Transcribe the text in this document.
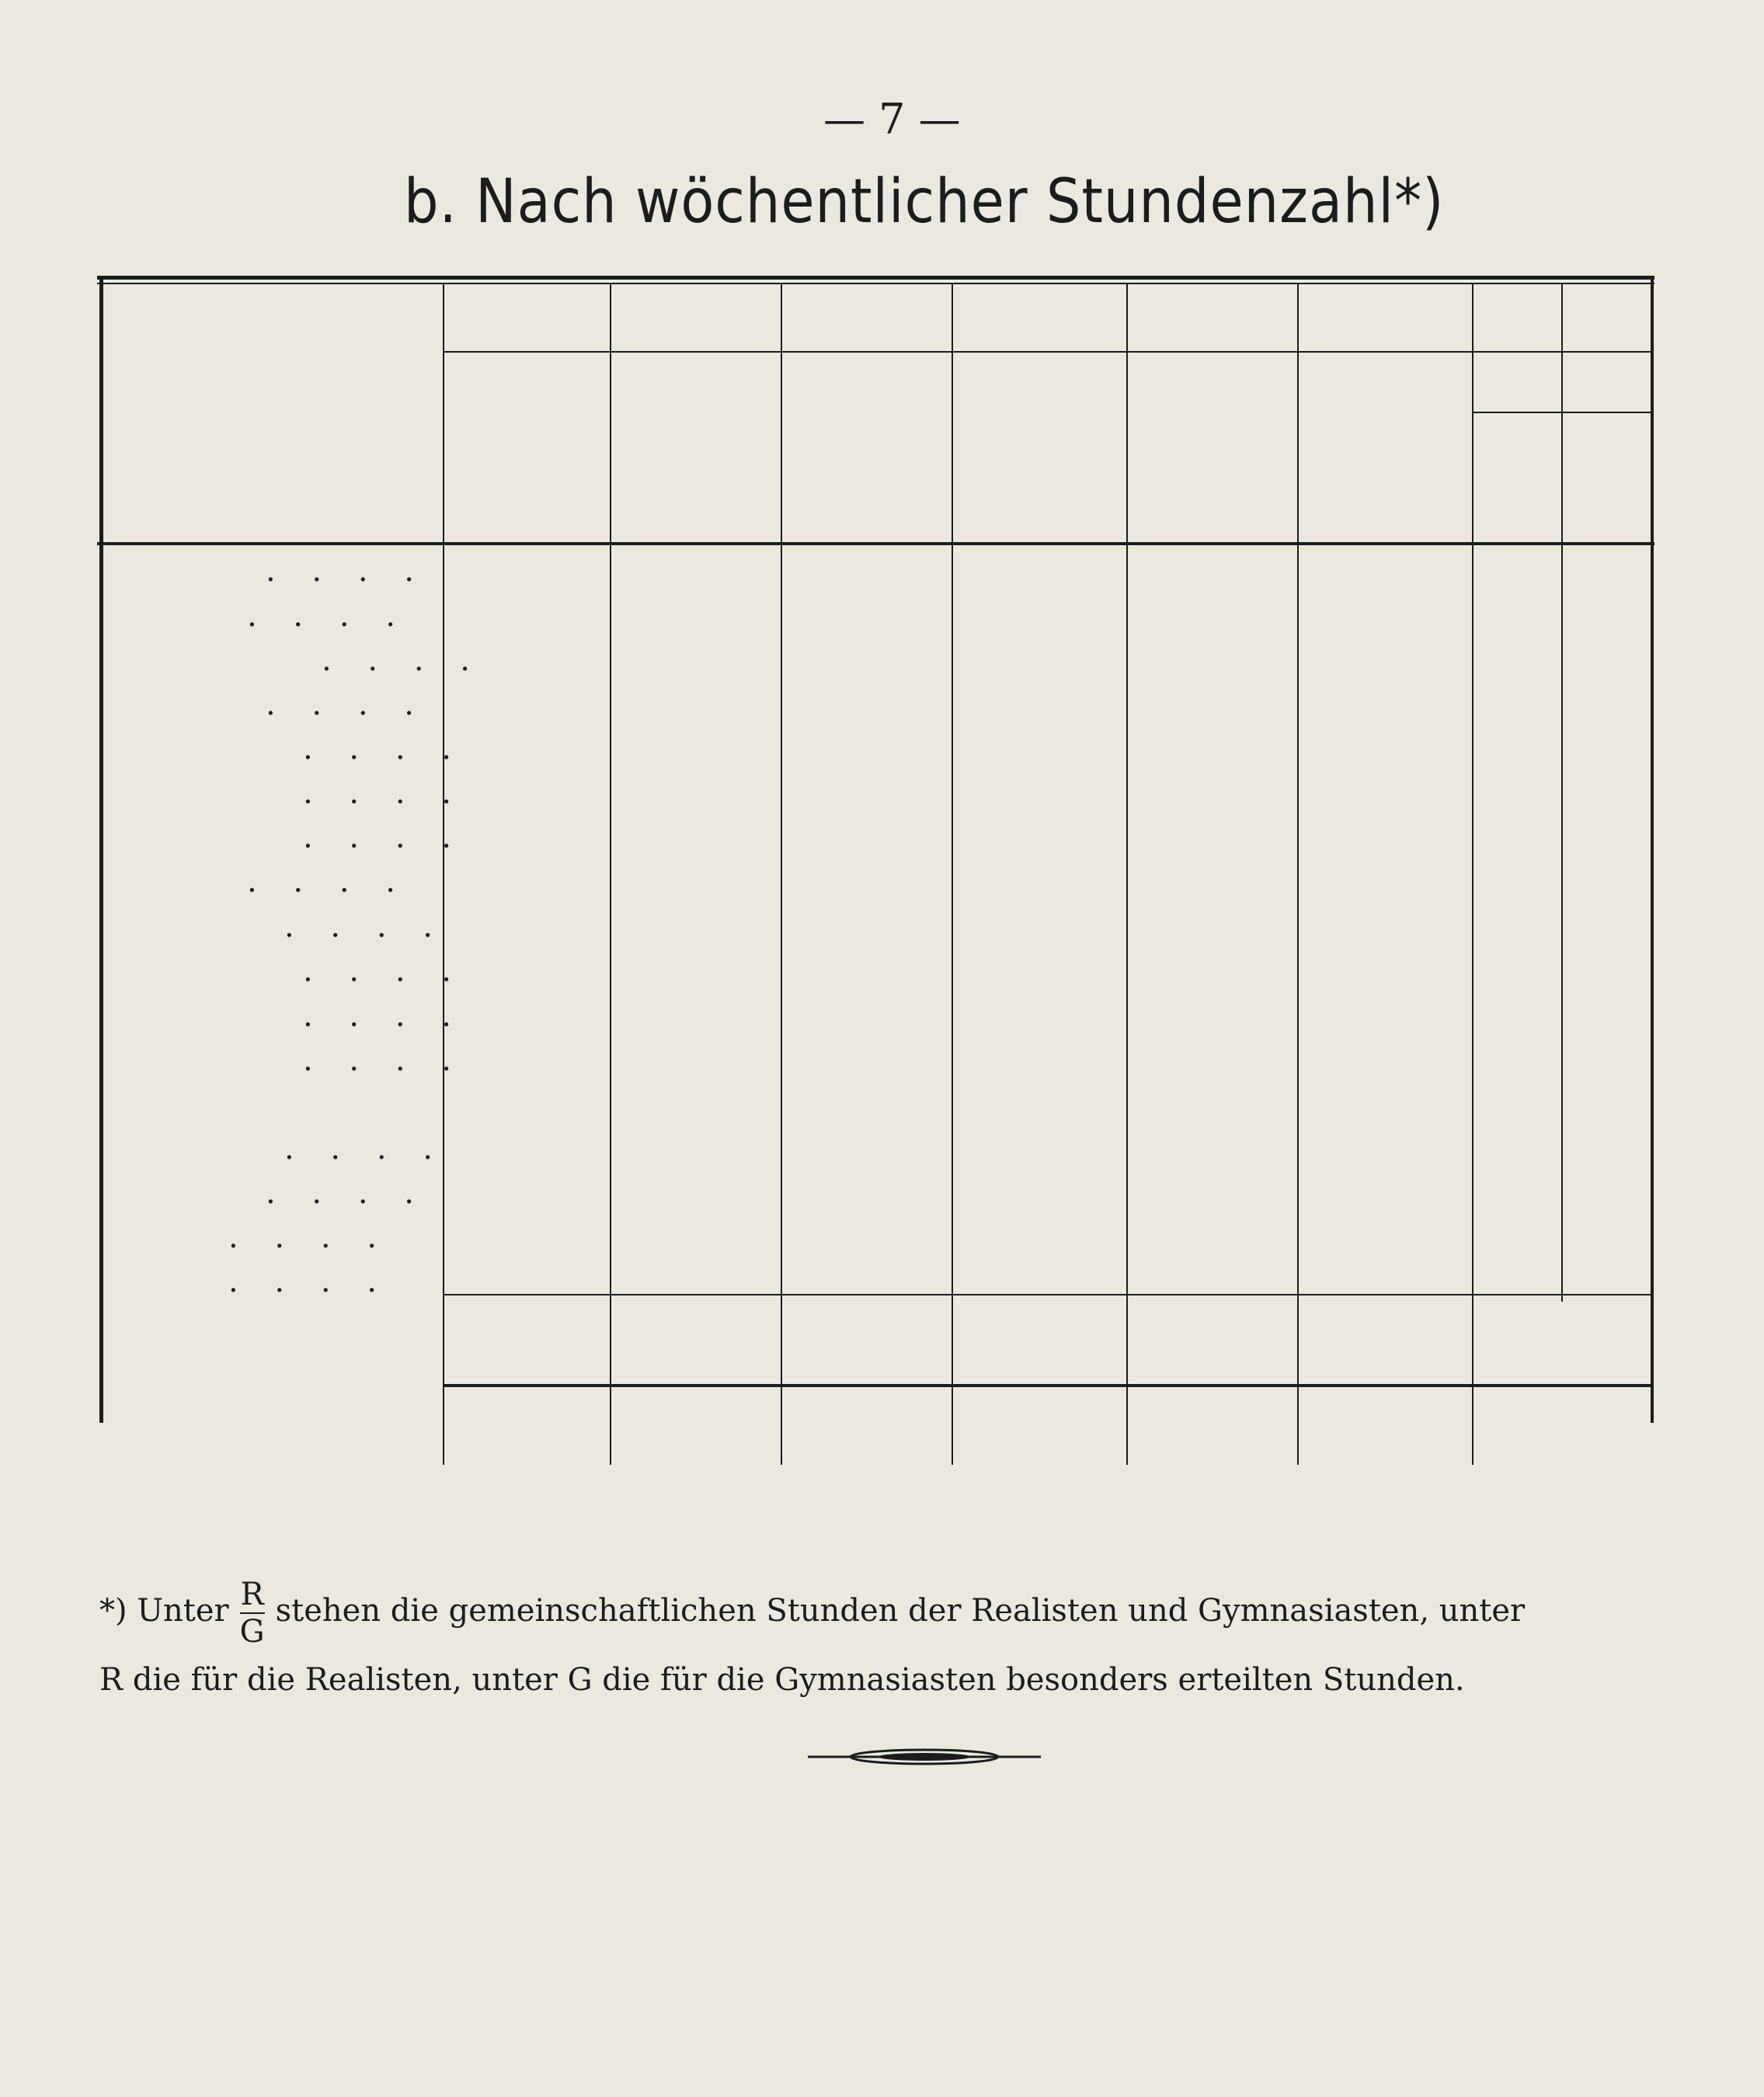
— 7 —
b. Nach wöchentlicher Stundenzahl*)
. . . .
. . . .
. . . .
. . . .
. . . .
. . . .
. . . .
. . . .
. . . .
. . . .
. . . .
. . . .
. . . .
. . . .
. . . .
. . . .
*) Unter $\frac{R}{G}$ stehen die gemeinschaftlichen Stunden der Realisten und Gymnasiasten, unter
R die für die Realisten, unter G die für die Gymnasiasten besonders erteilten Stunden.
